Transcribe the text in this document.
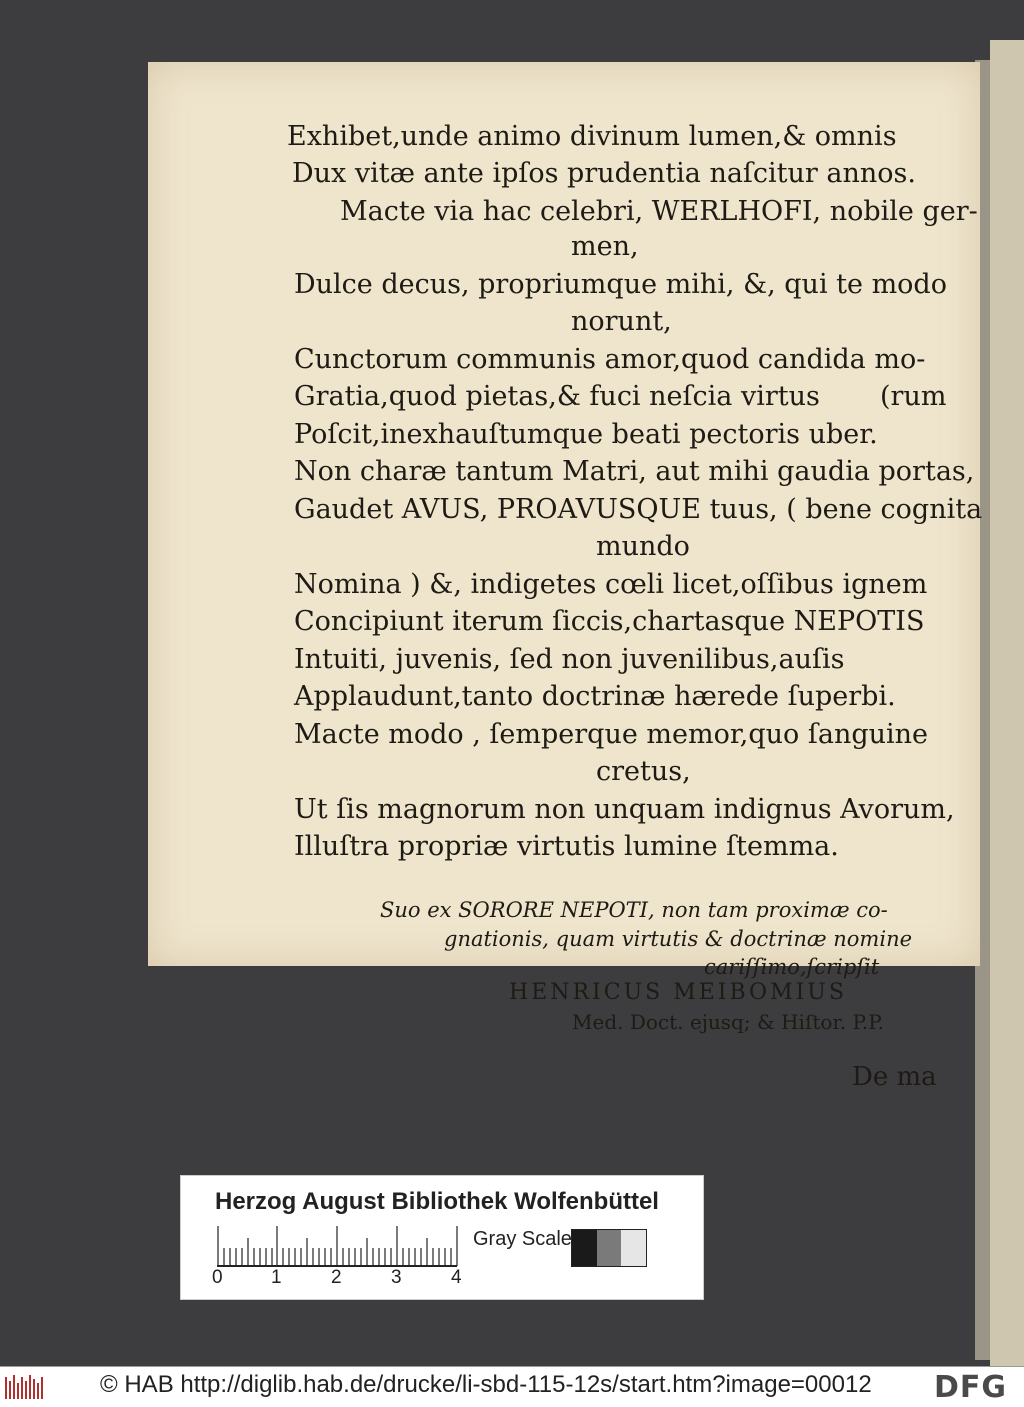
Exhibet,unde animo divinum lumen,& omnis
Dux vitæ ante ipſos prudentia naſcitur annos.
Macte via hac celebri, WERLHOFI, nobile ger-
men,
Dulce decus, propriumque mihi, &, qui te modo
norunt,
Cunctorum communis amor,quod candida mo-
Gratia,quod pietas,& fuci neſcia virtus (rum
Poſcit,inexhauſtumque beati pectoris uber.
Non charæ tantum Matri, aut mihi gaudia portas,
Gaudet AVUS, PROAVUSQUE tuus, ( bene cognita
mundo
Nomina ) &, indigetes cœli licet,oſſibus ignem
Concipiunt iterum ſiccis,chartasque NEPOTIS
Intuiti, juvenis, ſed non juvenilibus,auſis
Applaudunt,tanto doctrinæ hærede ſuperbi.
Macte modo , ſemperque memor,quo ſanguine
cretus,
Ut ſis magnorum non unquam indignus Avorum,
Illuſtra propriæ virtutis lumine ſtemma.
Suo ex SORORE NEPOTI, non tam proximæ co-
gnationis, quam virtutis & doctrinæ nomine
cariſſimo,ſcripſit
HENRICUS MEIBOMIUS
Med. Doct. ejusq; & Hiſtor. P.P.
De ma
Herzog August Bibliothek Wolfenbüttel
0	1	2	3	4
Gray Scale
© HAB http://diglib.hab.de/drucke/li-sbd-115-12s/start.htm?image=00012 DFG
